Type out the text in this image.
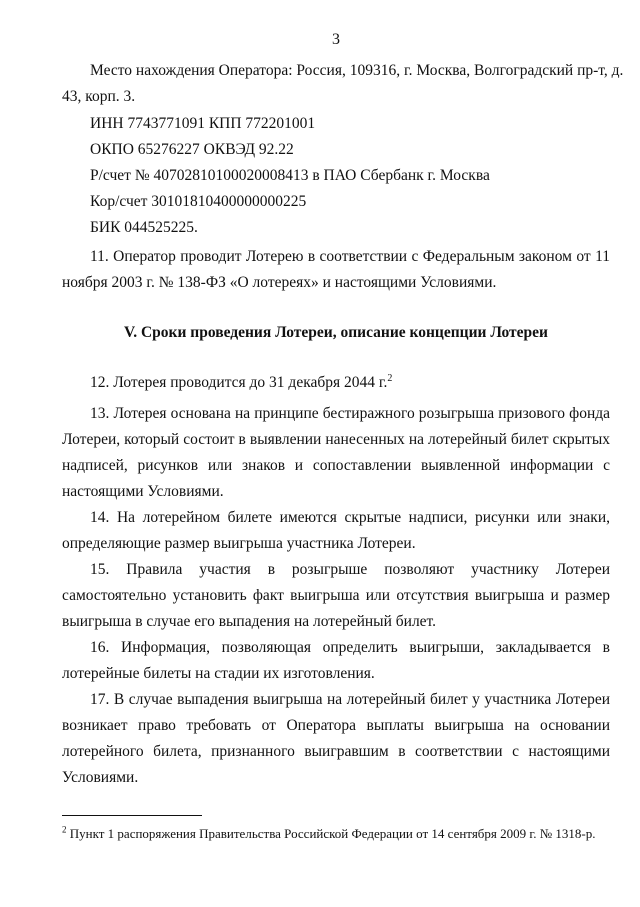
3
Место нахождения Оператора: Россия, 109316, г. Москва, Волгоградский пр-т, д.
43, корп. 3.
ИНН 7743771091 КПП 772201001
ОКПО 65276227 ОКВЭД 92.22
Р/счет № 40702810100020008413 в ПАО Сбербанк г. Москва
Кор/счет 30101810400000000225
БИК 044525225.
11. Оператор проводит Лотерею в соответствии с Федеральным законом от 11 ноября 2003 г. № 138-ФЗ «О лотереях» и настоящими Условиями.
V. Сроки проведения Лотереи, описание концепции Лотереи
12. Лотерея проводится до 31 декабря 2044 г.$^2$
13. Лотерея основана на принципе бестиражного розыгрыша призового фонда Лотереи, который состоит в выявлении нанесенных на лотерейный билет скрытых надписей, рисунков или знаков и сопоставлении выявленной информации с настоящими Условиями.
14. На лотерейном билете имеются скрытые надписи, рисунки или знаки, определяющие размер выигрыша участника Лотереи.
15. Правила участия в розыгрыше позволяют участнику Лотереи самостоятельно установить факт выигрыша или отсутствия выигрыша и размер выигрыша в случае его выпадения на лотерейный билет.
16. Информация, позволяющая определить выигрыши, закладывается в лотерейные билеты на стадии их изготовления.
17. В случае выпадения выигрыша на лотерейный билет у участника Лотереи возникает право требовать от Оператора выплаты выигрыша на основании лотерейного билета, признанного выигравшим в соответствии с настоящими Условиями.
$^2$ Пункт 1 распоряжения Правительства Российской Федерации от 14 сентября 2009 г. № 1318-р.
